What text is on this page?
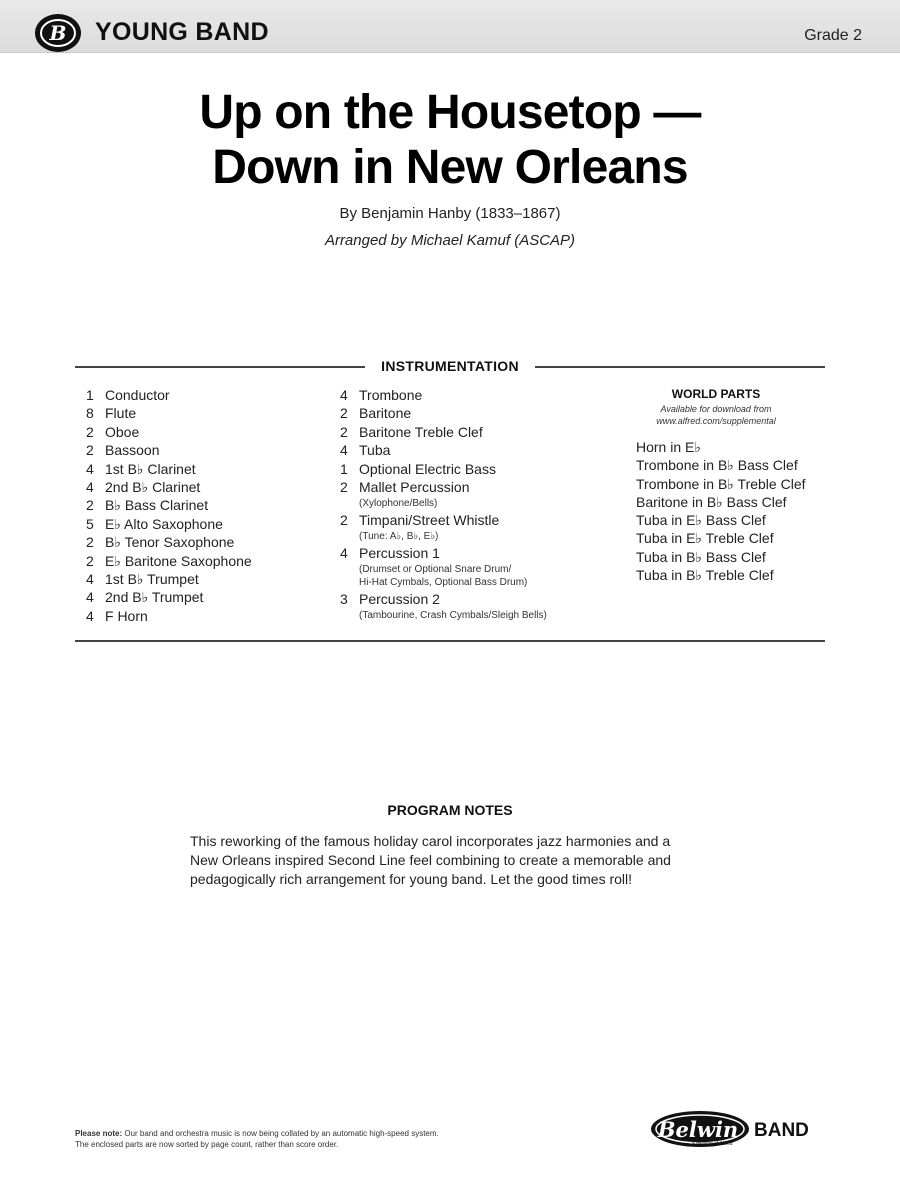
B YOUNG BAND	Grade 2
Up on the Housetop —
Down in New Orleans
By Benjamin Hanby (1833–1867)
Arranged by Michael Kamuf (ASCAP)
INSTRUMENTATION
1 Conductor
8 Flute
2 Oboe
2 Bassoon
4 1st B♭ Clarinet
4 2nd B♭ Clarinet
2 B♭ Bass Clarinet
5 E♭ Alto Saxophone
2 B♭ Tenor Saxophone
2 E♭ Baritone Saxophone
4 1st B♭ Trumpet
4 2nd B♭ Trumpet
4 F Horn
4 Trombone
2 Baritone
2 Baritone Treble Clef
4 Tuba
1 Optional Electric Bass
2 Mallet Percussion
(Xylophone/Bells)
2 Timpani/Street Whistle
(Tune: A♭, B♭, E♭)
4 Percussion 1
(Drumset or Optional Snare Drum/
Hi-Hat Cymbals, Optional Bass Drum)
3 Percussion 2
(Tambourine, Crash Cymbals/Sleigh Bells)
WORLD PARTS
Available for download from
www.alfred.com/supplemental
Horn in E♭
Trombone in B♭ Bass Clef
Trombone in B♭ Treble Clef
Baritone in B♭ Bass Clef
Tuba in E♭ Bass Clef
Tuba in E♭ Treble Clef
Tuba in B♭ Bass Clef
Tuba in B♭ Treble Clef
PROGRAM NOTES
This reworking of the famous holiday carol incorporates jazz harmonies and a
New Orleans inspired Second Line feel combining to create a memorable and
pedagogically rich arrangement for young band. Let the good times roll!
Please note: Our band and orchestra music is now being collated by an automatic high-speed system.
The enclosed parts are now sorted by page count, rather than score order.
Belwin BAND
a division of Alfred
